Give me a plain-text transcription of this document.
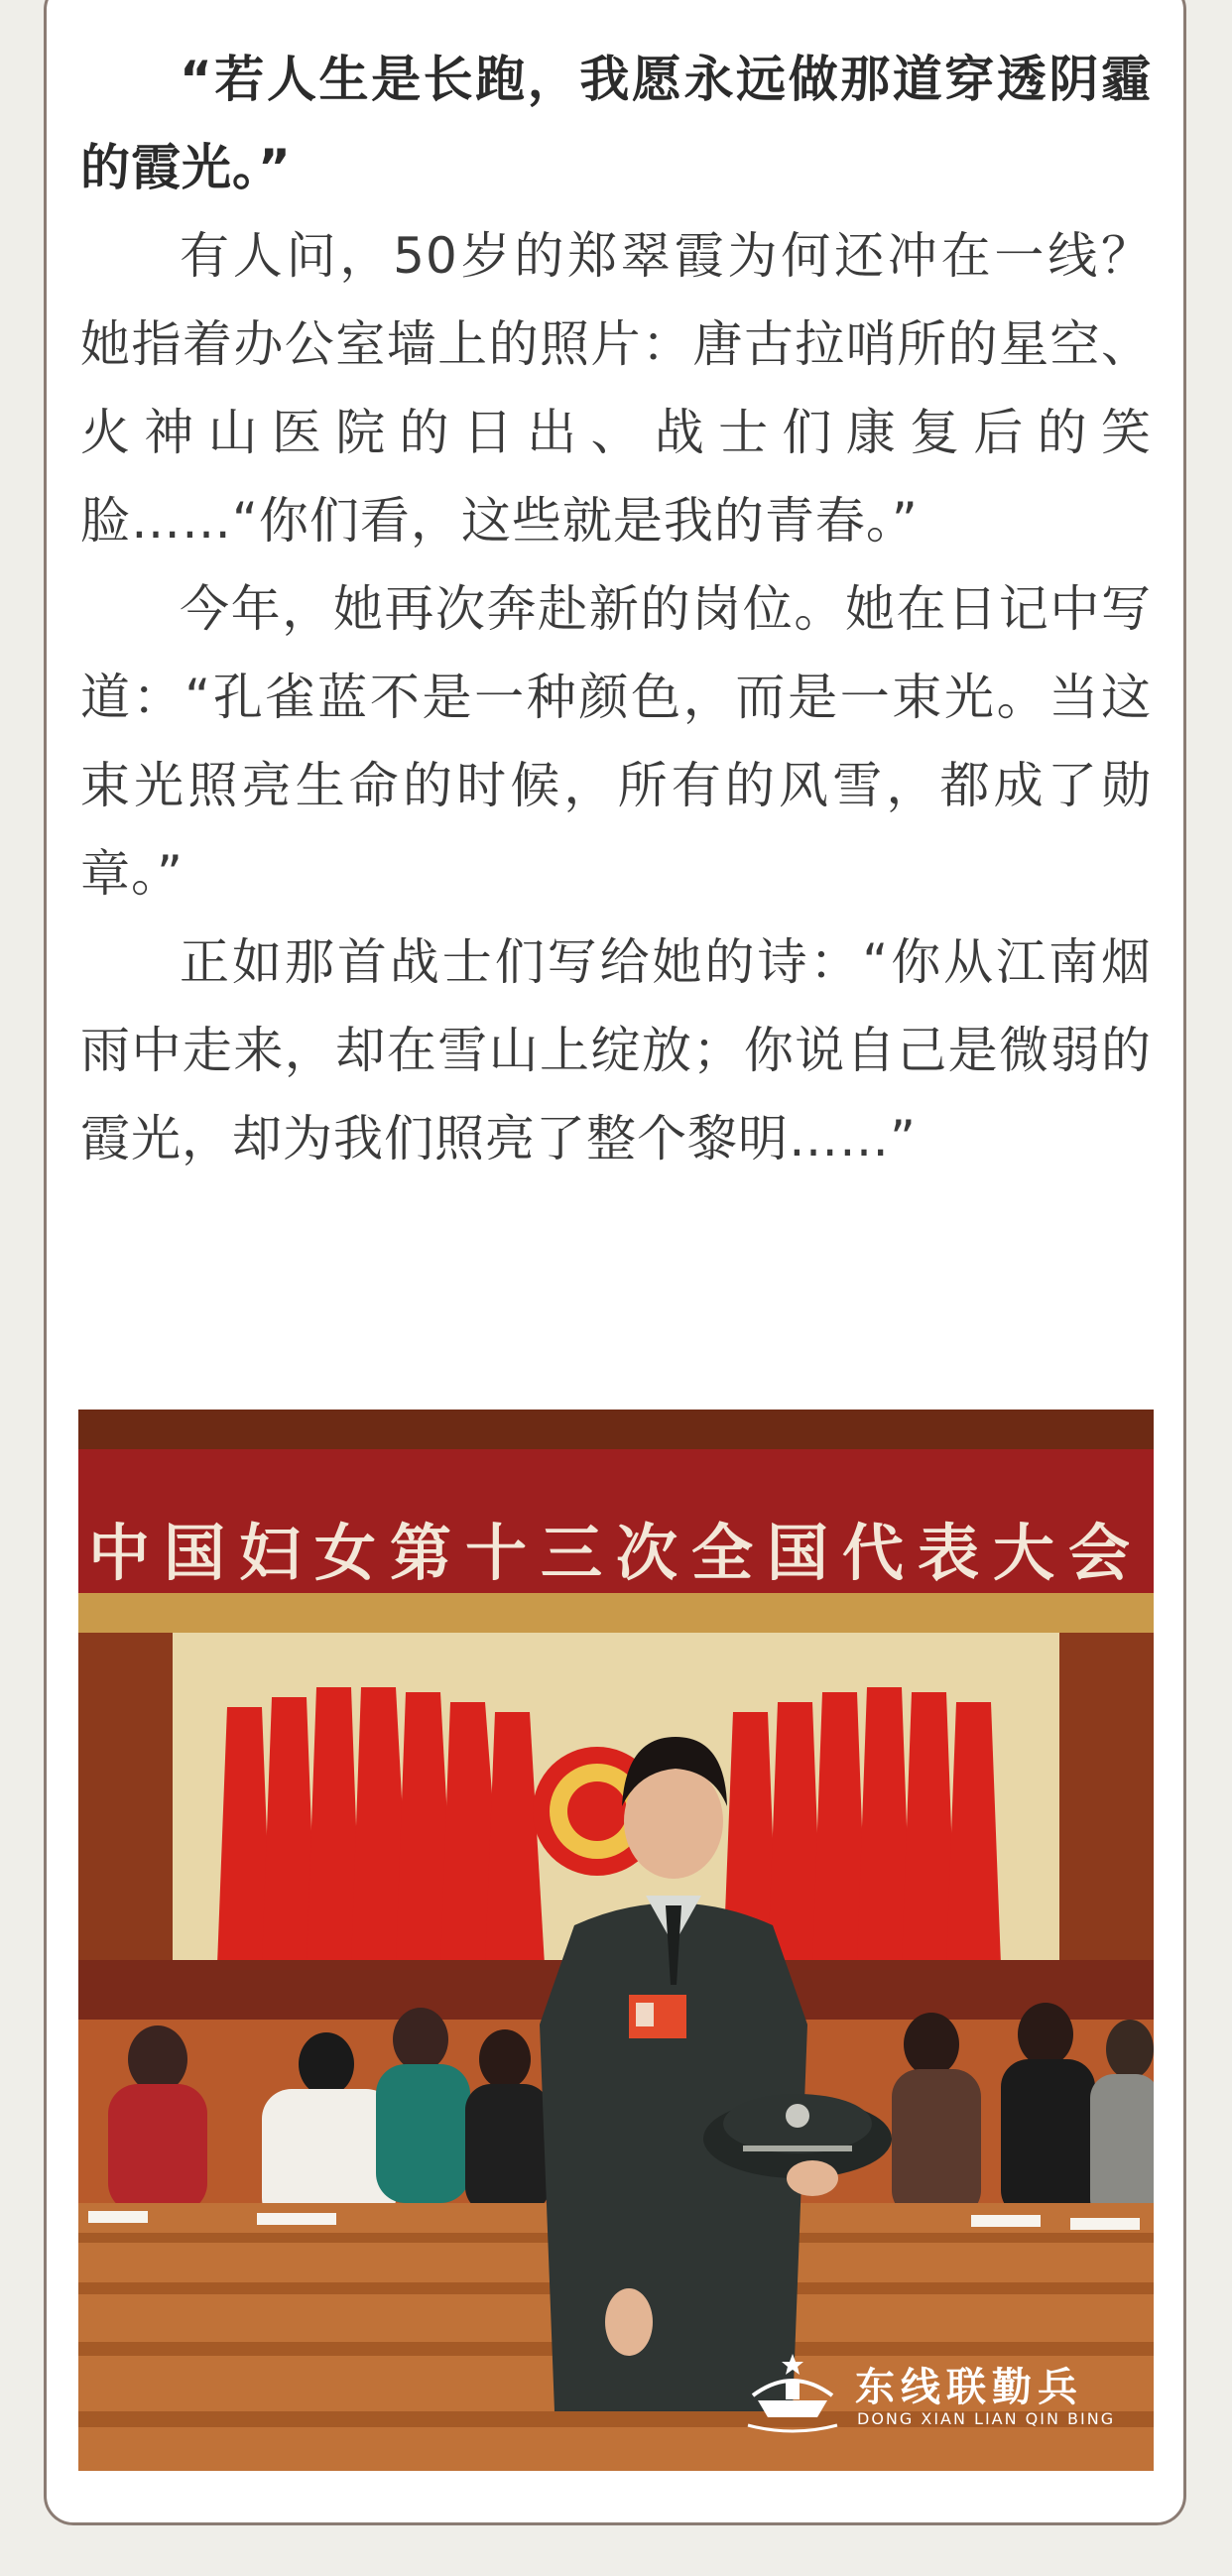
“若人生是长跑，我愿永远做那道穿透阴霾的霞光。”

有人问，50岁的郑翠霞为何还冲在一线？她指着办公室墙上的照片：唐古拉哨所的星空、火神山医院的日出、战士们康复后的笑脸……“你们看，这些就是我的青春。”

今年，她再次奔赴新的岗位。她在日记中写道：“孔雀蓝不是一种颜色，而是一束光。当这束光照亮生命的时候，所有的风雪，都成了勋章。”

正如那首战士们写给她的诗：“你从江南烟雨中走来，却在雪山上绽放；你说自己是微弱的霞光，却为我们照亮了整个黎明……”

中国妇女第十三次全国代表大会
东线联勤兵
DONG XIAN LIAN QIN BING
